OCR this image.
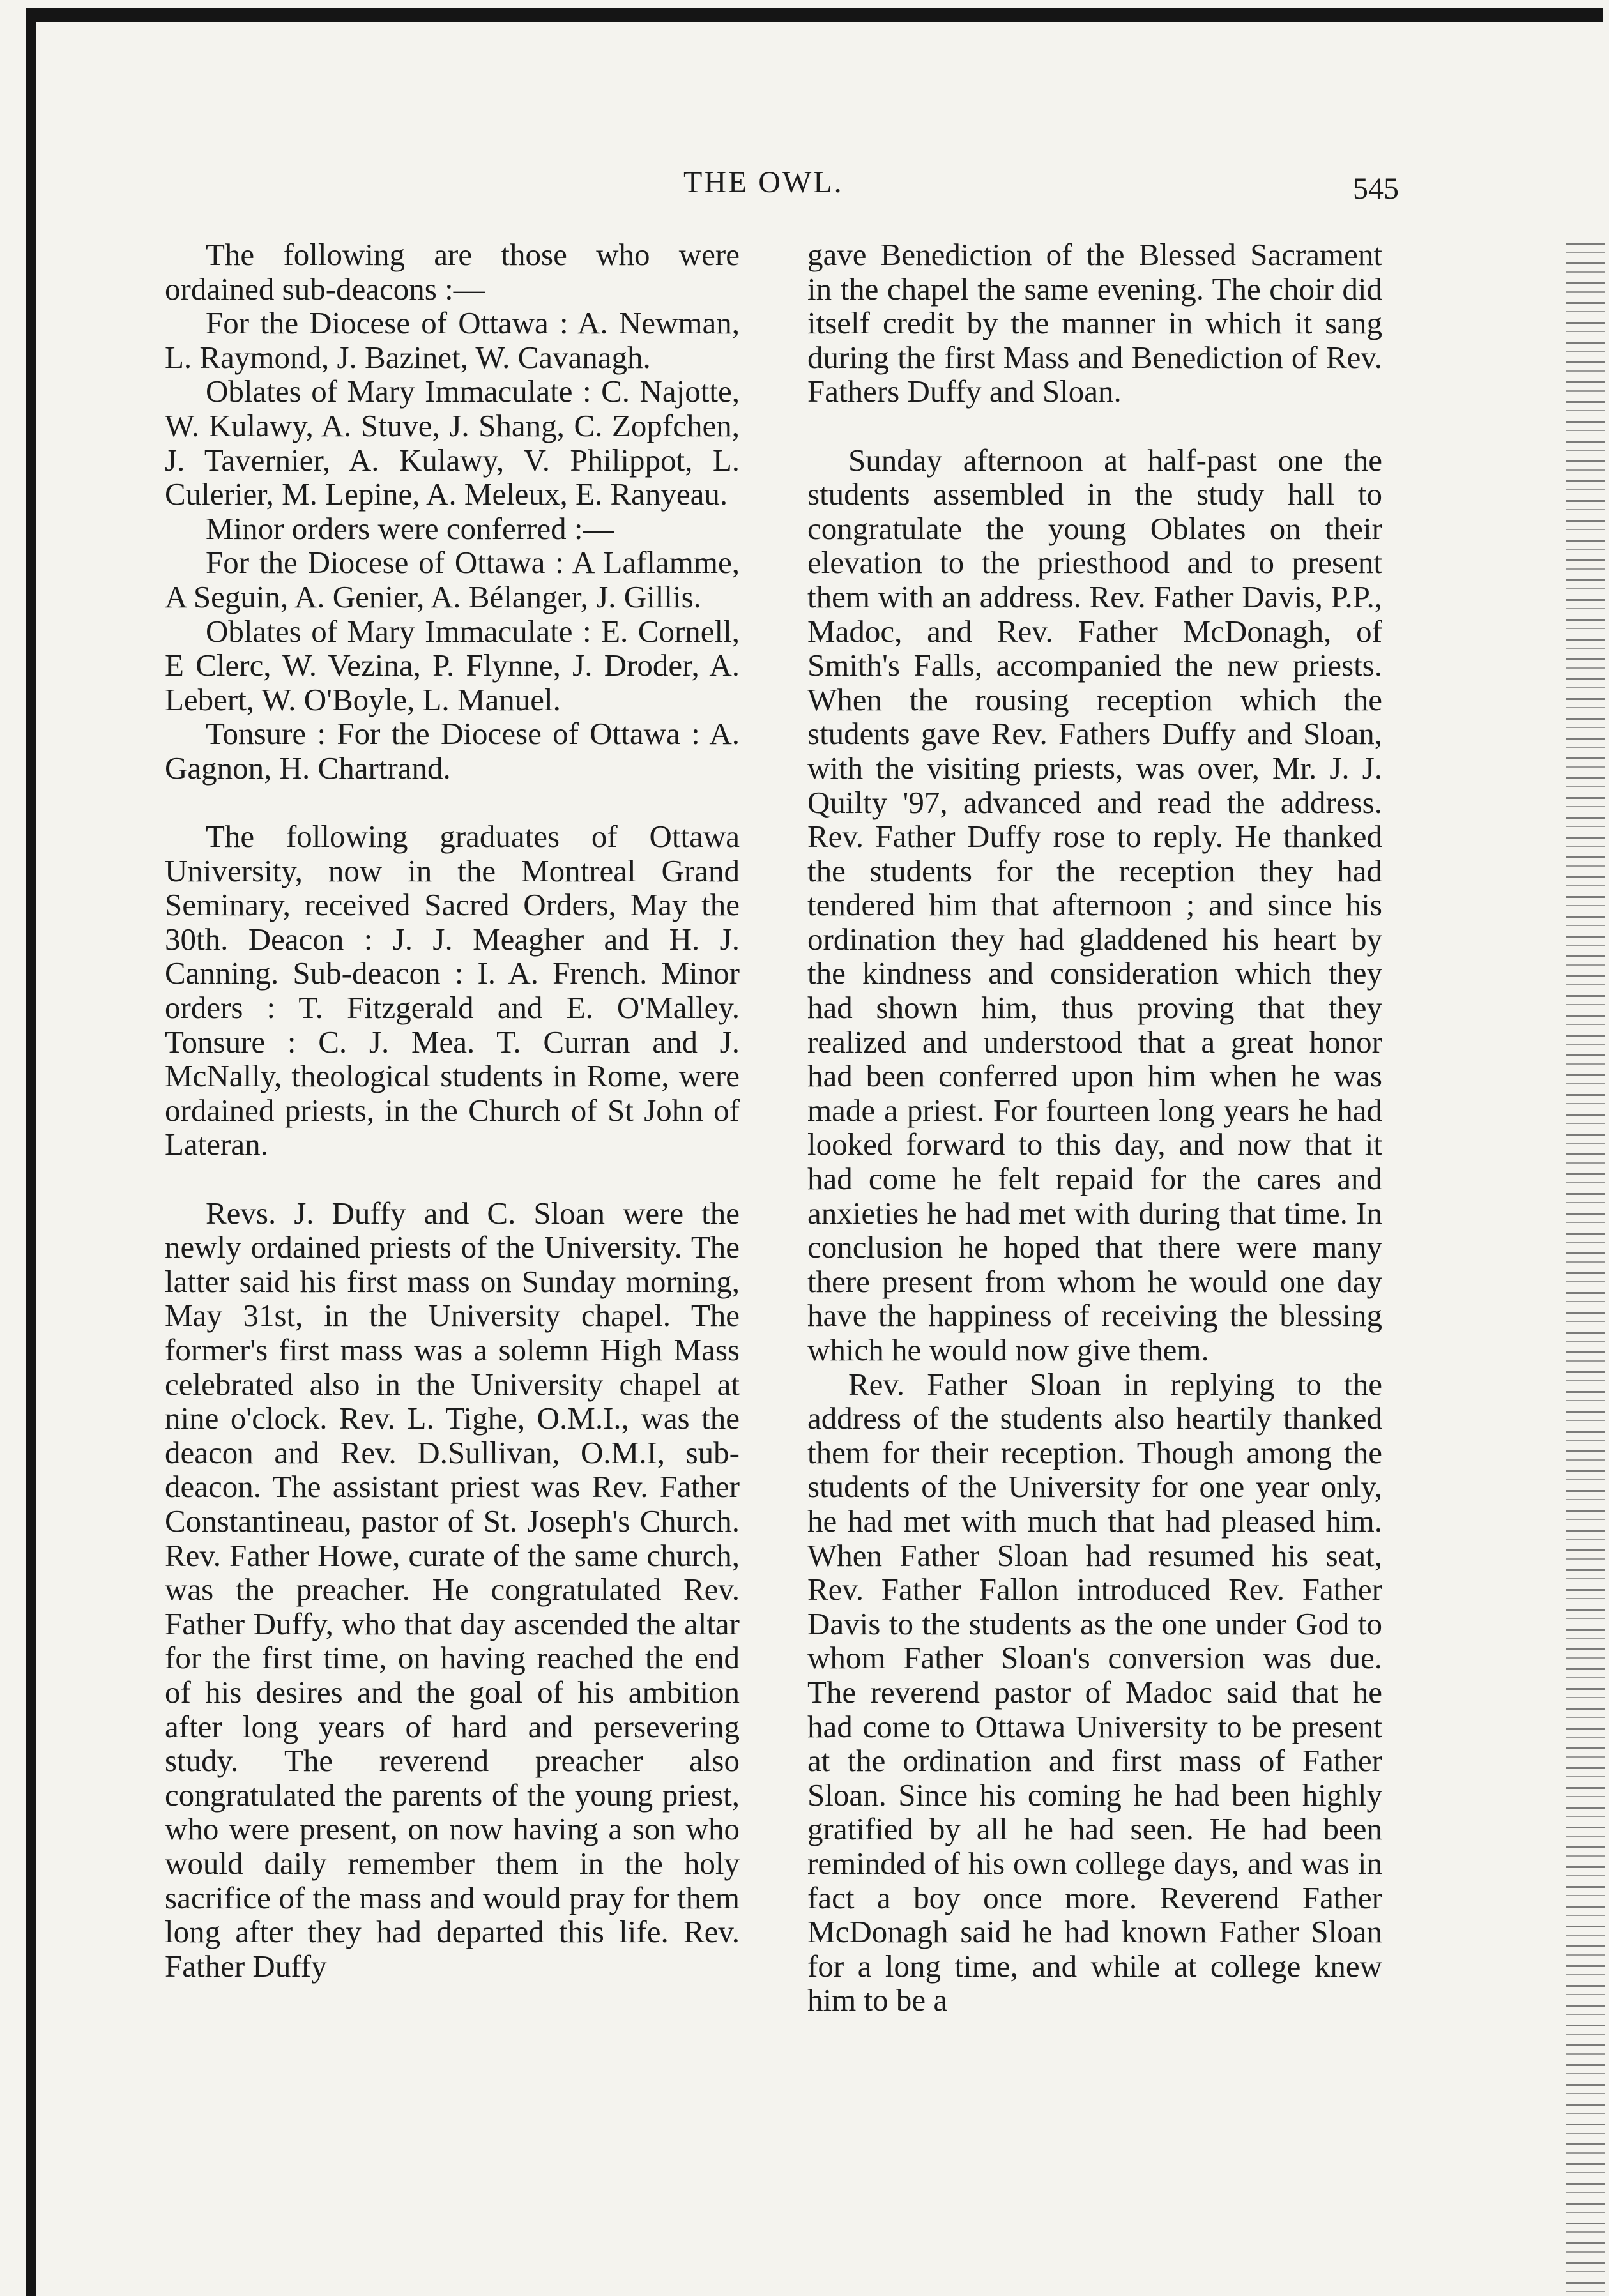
THE OWL.	545

The following are those who were ordained sub-deacons :—

For the Diocese of Ottawa : A. Newman, L. Raymond, J. Bazinet, W. Cavanagh.

Oblates of Mary Immaculate : C. Najotte, W. Kulawy, A. Stuve, J. Shang, C. Zopfchen, J. Tavernier, A. Kulawy, V. Philippot, L. Culerier, M. Lepine, A. Meleux, E. Ranyeau.

Minor orders were conferred :—

For the Diocese of Ottawa : A Laflamme, A Seguin, A. Genier, A. Bélanger, J. Gillis.

Oblates of Mary Immaculate : E. Cornell, E Clerc, W. Vezina, P. Flynne, J. Droder, A. Lebert, W. O'Boyle, L. Manuel.

Tonsure : For the Diocese of Ottawa : A. Gagnon, H. Chartrand.

The following graduates of Ottawa University, now in the Montreal Grand Seminary, received Sacred Orders, May the 30th. Deacon : J. J. Meagher and H. J. Canning. Sub-deacon : I. A. French. Minor orders : T. Fitzgerald and E. O'Malley. Tonsure : C. J. Mea. T. Curran and J. McNally, theological students in Rome, were ordained priests, in the Church of St John of Lateran.

Revs. J. Duffy and C. Sloan were the newly ordained priests of the University. The latter said his first mass on Sunday morning, May 31st, in the University chapel. The former's first mass was a solemn High Mass celebrated also in the University chapel at nine o'clock. Rev. L. Tighe, O.M.I., was the deacon and Rev. D.Sullivan, O.M.I, sub-deacon. The assistant priest was Rev. Father Constantineau, pastor of St. Joseph's Church. Rev. Father Howe, curate of the same church, was the preacher. He congratulated Rev. Father Duffy, who that day ascended the altar for the first time, on having reached the end of his desires and the goal of his ambition after long years of hard and persevering study. The reverend preacher also congratulated the parents of the young priest, who were present, on now having a son who would daily remember them in the holy sacrifice of the mass and would pray for them long after they had departed this life. Rev. Father Duffy

gave Benediction of the Blessed Sacrament in the chapel the same evening. The choir did itself credit by the manner in which it sang during the first Mass and Benediction of Rev. Fathers Duffy and Sloan.

Sunday afternoon at half-past one the students assembled in the study hall to congratulate the young Oblates on their elevation to the priesthood and to present them with an address. Rev. Father Davis, P.P., Madoc, and Rev. Father McDonagh, of Smith's Falls, accompanied the new priests. When the rousing reception which the students gave Rev. Fathers Duffy and Sloan, with the visiting priests, was over, Mr. J. J. Quilty '97, advanced and read the address. Rev. Father Duffy rose to reply. He thanked the students for the reception they had tendered him that afternoon ; and since his ordination they had gladdened his heart by the kindness and consideration which they had shown him, thus proving that they realized and understood that a great honor had been conferred upon him when he was made a priest. For fourteen long years he had looked forward to this day, and now that it had come he felt repaid for the cares and anxieties he had met with during that time. In conclusion he hoped that there were many there present from whom he would one day have the happiness of receiving the blessing which he would now give them.

Rev. Father Sloan in replying to the address of the students also heartily thanked them for their reception. Though among the students of the University for one year only, he had met with much that had pleased him. When Father Sloan had resumed his seat, Rev. Father Fallon introduced Rev. Father Davis to the students as the one under God to whom Father Sloan's conversion was due. The reverend pastor of Madoc said that he had come to Ottawa University to be present at the ordination and first mass of Father Sloan. Since his coming he had been highly gratified by all he had seen. He had been reminded of his own college days, and was in fact a boy once more. Reverend Father McDonagh said he had known Father Sloan for a long time, and while at college knew him to be a
